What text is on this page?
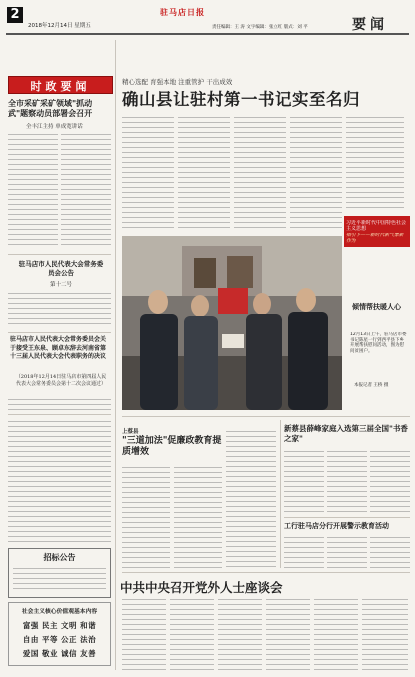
2	驻马店日报
2018年12月14日 星期五	责任编辑：王 涛 文字编辑：张立红 版式：刘 平	要闻
时政要闻
全市采矿采矿领域"抓动武"题察动员部署会召开
全丰江主持 单成宽讲话
驻马店市人民代表大会常务委员会公告
第十二号
驻马店市人民代表大会常务委员会关于接受王东泉、顾卓东辞去河南省第十三届人民代表大会代表职务的决议
（2018年12月14日驻马店市第四届人民代表大会常务委员会第十二次会议通过）
招标公告
社会主义核心价值观基本内容
富强 民主 文明 和谐
自由 平等 公正 法治
爱国 敬业 诚信 友善
精心选配 育强本地 注重管护 干出成效
确山县让驻村第一书记实至名归
习近平新时代中国特色社会主义思想
指引下——新时代新气象新作为
倾情帮扶暖人心
12月13日上午，驻马店市委书记陈星一行到西平县下乡开展帮扶慰问活动，图为慰问贫困户。
本报记者 王桥 摄
上蔡县
"三道加法"促廉政教育提质增效
新蔡县薛峰家庭入选第三届全国"书香之家"
工行驻马店分行开展警示教育活动
中共中央召开党外人士座谈会
